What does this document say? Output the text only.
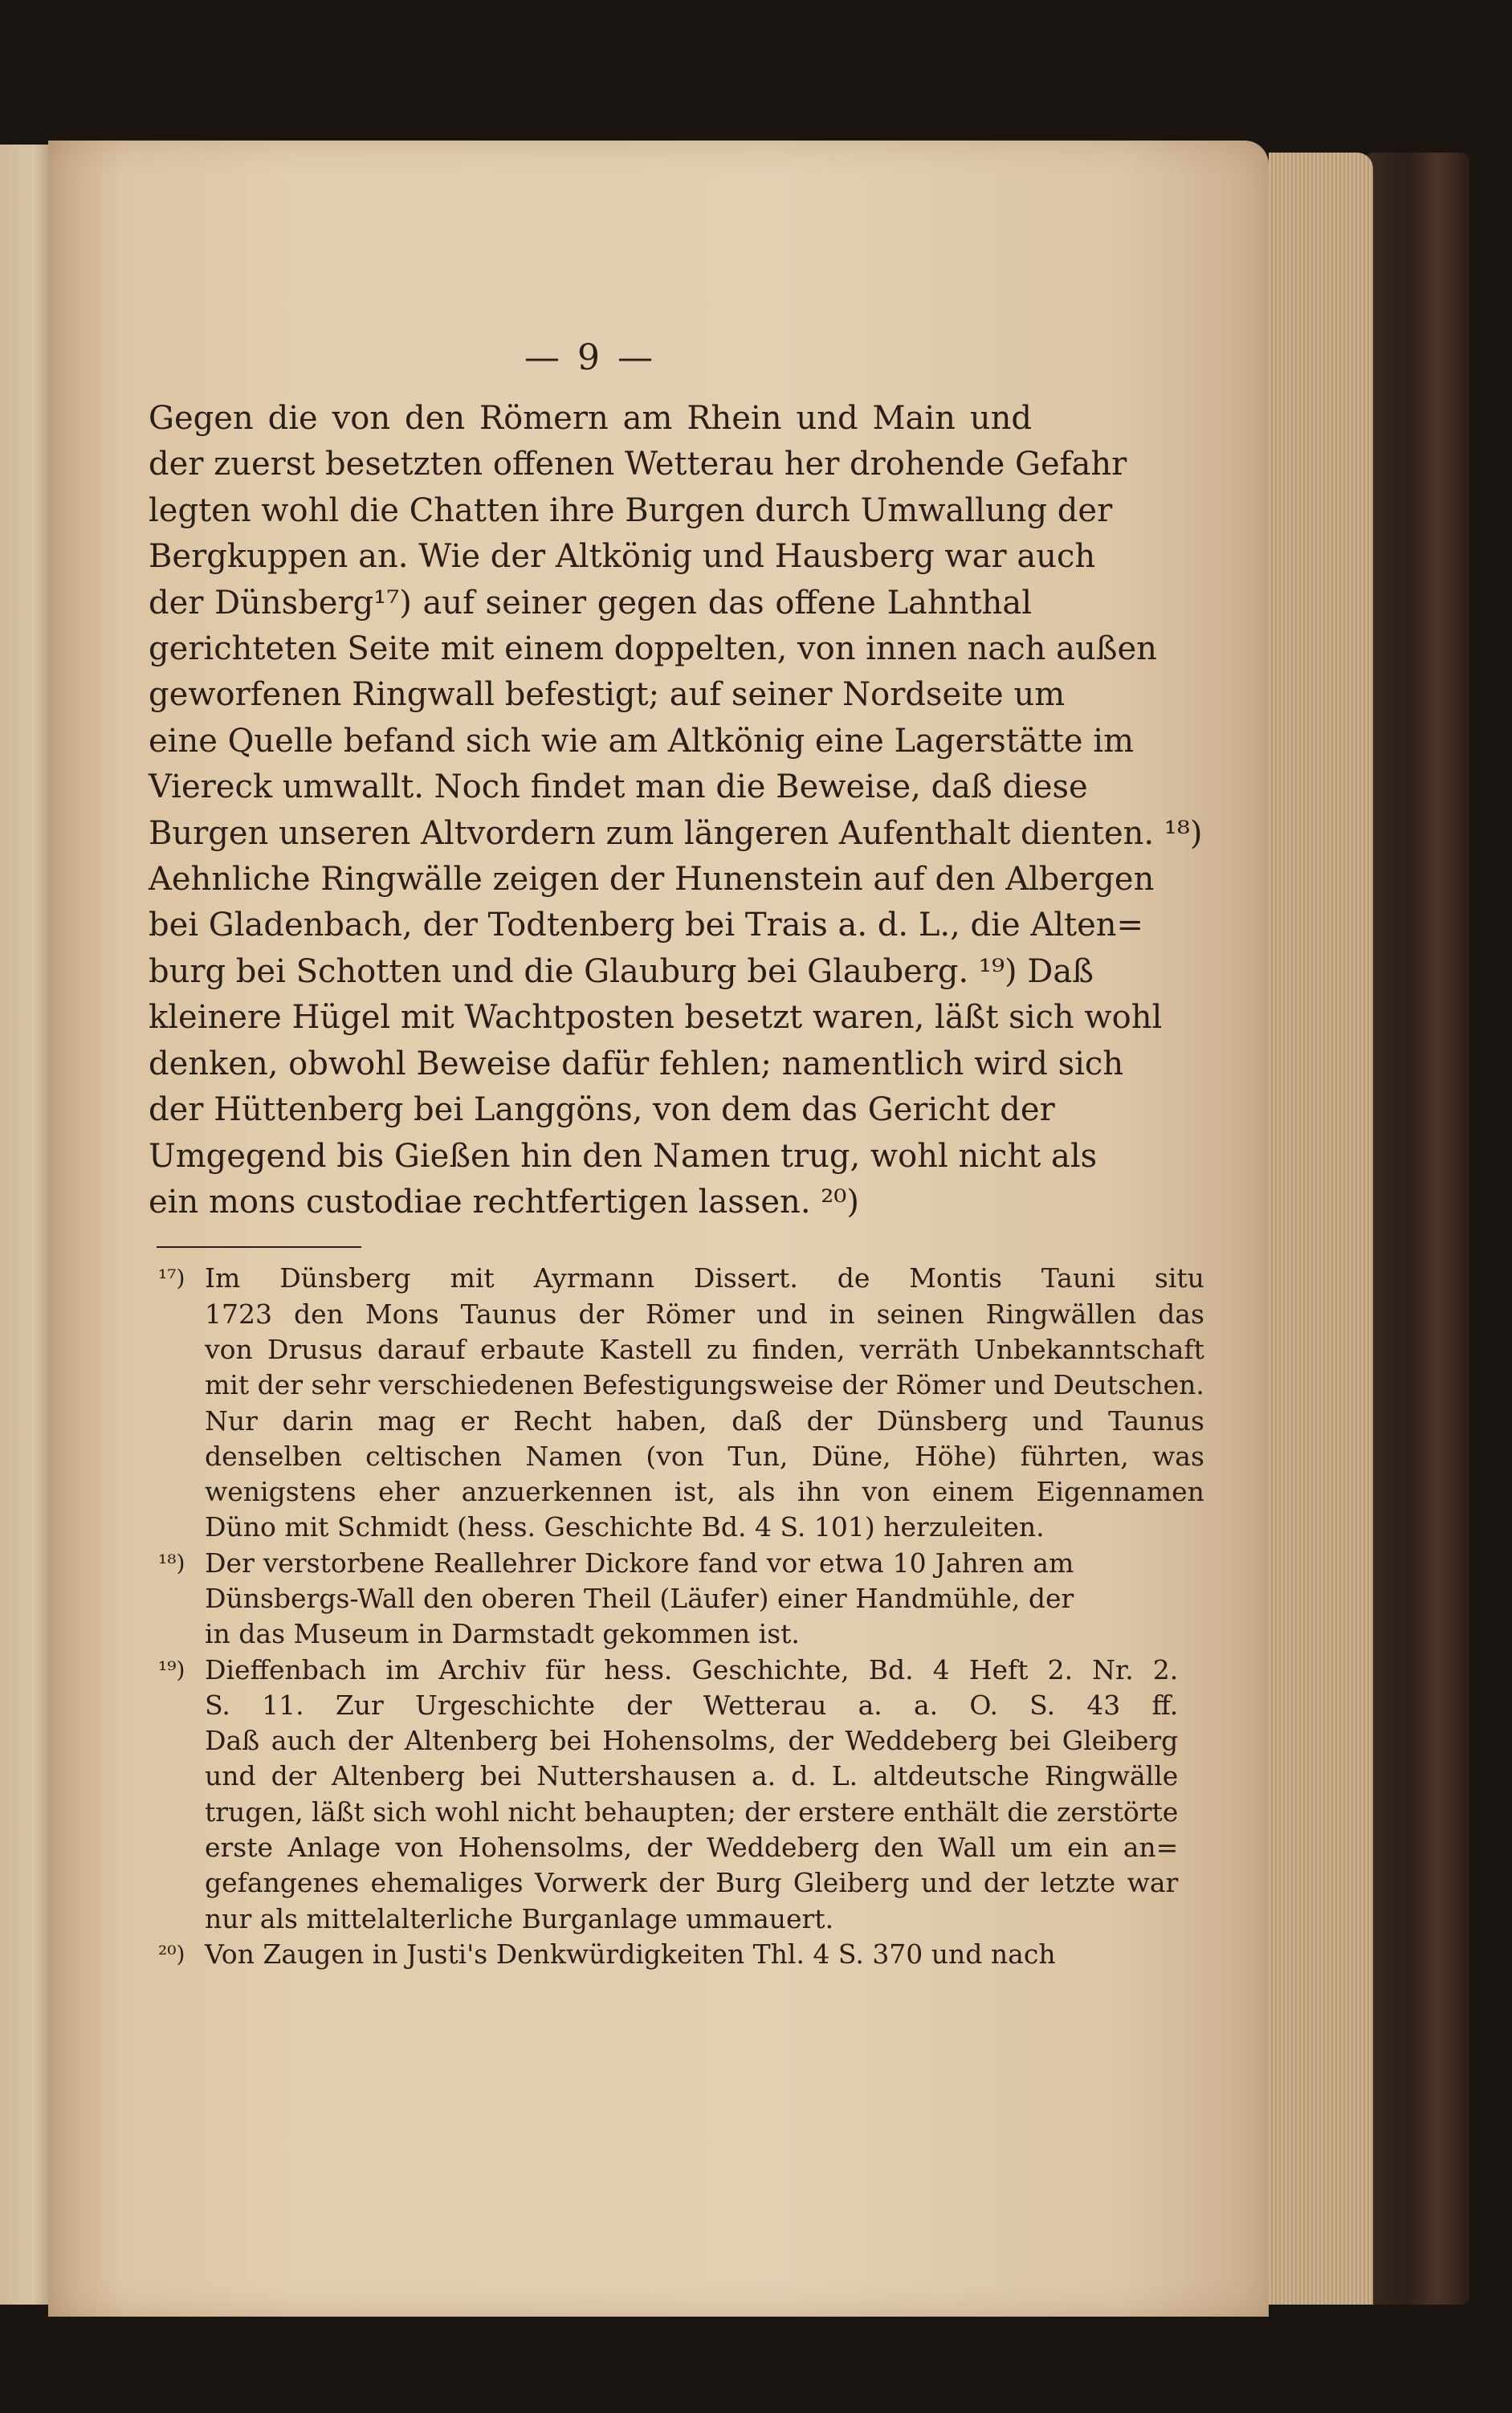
— 9 —
Gegen die von den Römern am Rhein und Main und
der zuerst besetzten offenen Wetterau her drohende Gefahr
legten wohl die Chatten ihre Burgen durch Umwallung der
Bergkuppen an. Wie der Altkönig und Hausberg war auch
der Dünsberg¹⁷) auf seiner gegen das offene Lahnthal
gerichteten Seite mit einem doppelten, von innen nach außen
geworfenen Ringwall befestigt; auf seiner Nordseite um
eine Quelle befand sich wie am Altkönig eine Lagerstätte im
Viereck umwallt. Noch findet man die Beweise, daß diese
Burgen unseren Altvordern zum längeren Aufenthalt dienten. ¹⁸)
Aehnliche Ringwälle zeigen der Hunenstein auf den Albergen
bei Gladenbach, der Todtenberg bei Trais a. d. L., die Alten=
burg bei Schotten und die Glauburg bei Glauberg. ¹⁹) Daß
kleinere Hügel mit Wachtposten besetzt waren, läßt sich wohl
denken, obwohl Beweise dafür fehlen; namentlich wird sich
der Hüttenberg bei Langgöns, von dem das Gericht der
Umgegend bis Gießen hin den Namen trug, wohl nicht als
ein mons custodiae rechtfertigen lassen. ²⁰)
¹⁷) Im Dünsberg mit Ayrmann Dissert. de Montis Tauni situ
1723 den Mons Taunus der Römer und in seinen Ringwällen das
von Drusus darauf erbaute Kastell zu finden, verräth Unbekanntschaft
mit der sehr verschiedenen Befestigungsweise der Römer und Deutschen.
Nur darin mag er Recht haben, daß der Dünsberg und Taunus
denselben celtischen Namen (von Tun, Düne, Höhe) führten, was
wenigstens eher anzuerkennen ist, als ihn von einem Eigennamen
Düno mit Schmidt (hess. Geschichte Bd. 4 S. 101) herzuleiten.
¹⁸) Der verstorbene Reallehrer Dickore fand vor etwa 10 Jahren am
Dünsbergs-Wall den oberen Theil (Läufer) einer Handmühle, der
in das Museum in Darmstadt gekommen ist.
¹⁹) Dieffenbach im Archiv für hess. Geschichte, Bd. 4 Heft 2. Nr. 2.
S. 11. Zur Urgeschichte der Wetterau a. a. O. S. 43 ff.
Daß auch der Altenberg bei Hohensolms, der Weddeberg bei Gleiberg
und der Altenberg bei Nuttershausen a. d. L. altdeutsche Ringwälle
trugen, läßt sich wohl nicht behaupten; der erstere enthält die zerstörte
erste Anlage von Hohensolms, der Weddeberg den Wall um ein an=
gefangenes ehemaliges Vorwerk der Burg Gleiberg und der letzte war
nur als mittelalterliche Burganlage ummauert.
²⁰) Von Zaugen in Justi's Denkwürdigkeiten Thl. 4 S. 370 und nach
